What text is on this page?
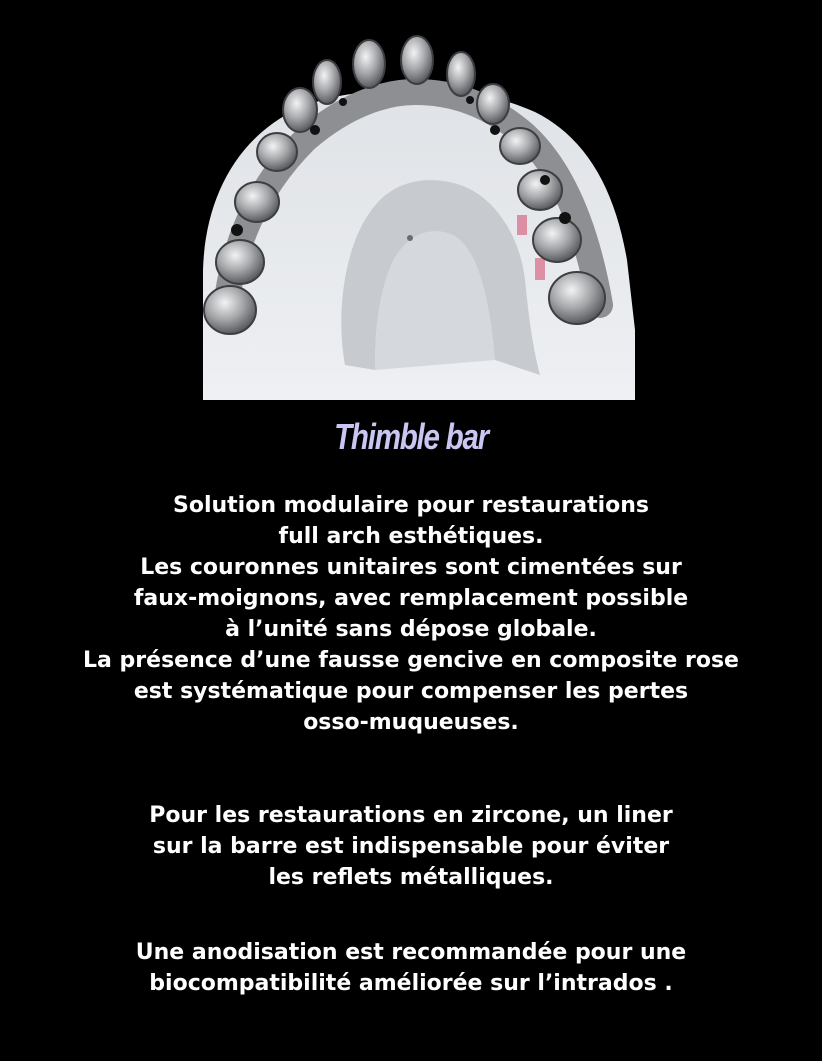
Thimble bar
Solution modulaire pour restaurations
full arch esthétiques.
Les couronnes unitaires sont cimentées sur
faux-moignons, avec remplacement possible
à l’unité sans dépose globale.
La présence d’une fausse gencive en composite rose
est systématique pour compenser les pertes
osso-muqueuses.
Pour les restaurations en zircone, un liner
sur la barre est indispensable pour éviter
les reflets métalliques.
Une anodisation est recommandée pour une
biocompatibilité améliorée sur l’intrados .
